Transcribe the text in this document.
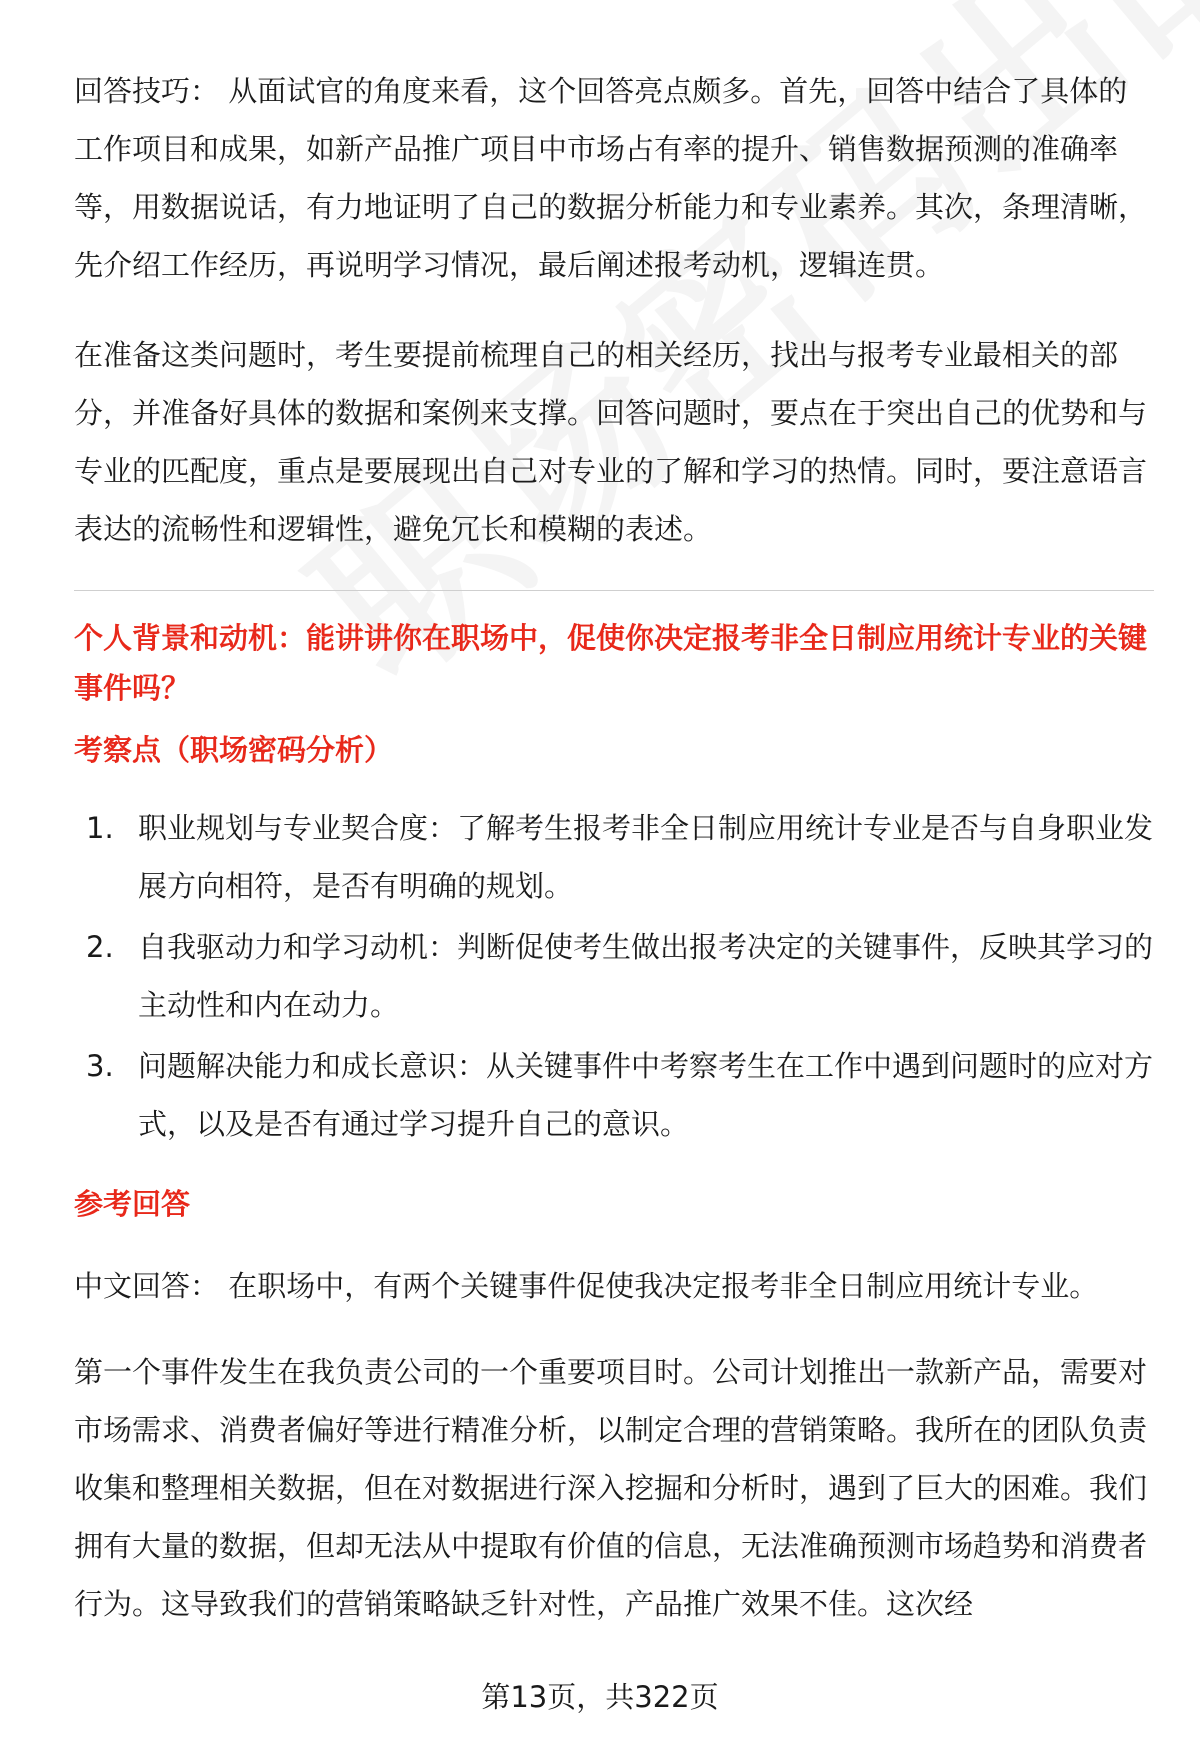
回答技巧： 从面试官的角度来看，这个回答亮点颇多。首先，回答中结合了具体的工作项目和成果，如新产品推广项目中市场占有率的提升、销售数据预测的准确率等，用数据说话，有力地证明了自己的数据分析能力和专业素养。其次，条理清晰，先介绍工作经历，再说明学习情况，最后阐述报考动机，逻辑连贯。

在准备这类问题时，考生要提前梳理自己的相关经历，找出与报考专业最相关的部分，并准备好具体的数据和案例来支撑。回答问题时，要点在于突出自己的优势和与专业的匹配度，重点是要展现出自己对专业的了解和学习的热情。同时，要注意语言表达的流畅性和逻辑性，避免冗长和模糊的表述。

个人背景和动机：能讲讲你在职场中，促使你决定报考非全日制应用统计专业的关键事件吗？
考察点（职场密码分析）
1. 职业规划与专业契合度：了解考生报考非全日制应用统计专业是否与自身职业发展方向相符，是否有明确的规划。
2. 自我驱动力和学习动机：判断促使考生做出报考决定的关键事件，反映其学习的主动性和内在动力。
3. 问题解决能力和成长意识：从关键事件中考察考生在工作中遇到问题时的应对方式，以及是否有通过学习提升自己的意识。
参考回答

中文回答： 在职场中，有两个关键事件促使我决定报考非全日制应用统计专业。

第一个事件发生在我负责公司的一个重要项目时。公司计划推出一款新产品，需要对市场需求、消费者偏好等进行精准分析，以制定合理的营销策略。我所在的团队负责收集和整理相关数据，但在对数据进行深入挖掘和分析时，遇到了巨大的困难。我们拥有大量的数据，但却无法从中提取有价值的信息，无法准确预测市场趋势和消费者行为。这导致我们的营销策略缺乏针对性，产品推广效果不佳。这次经

第13页，共322页
